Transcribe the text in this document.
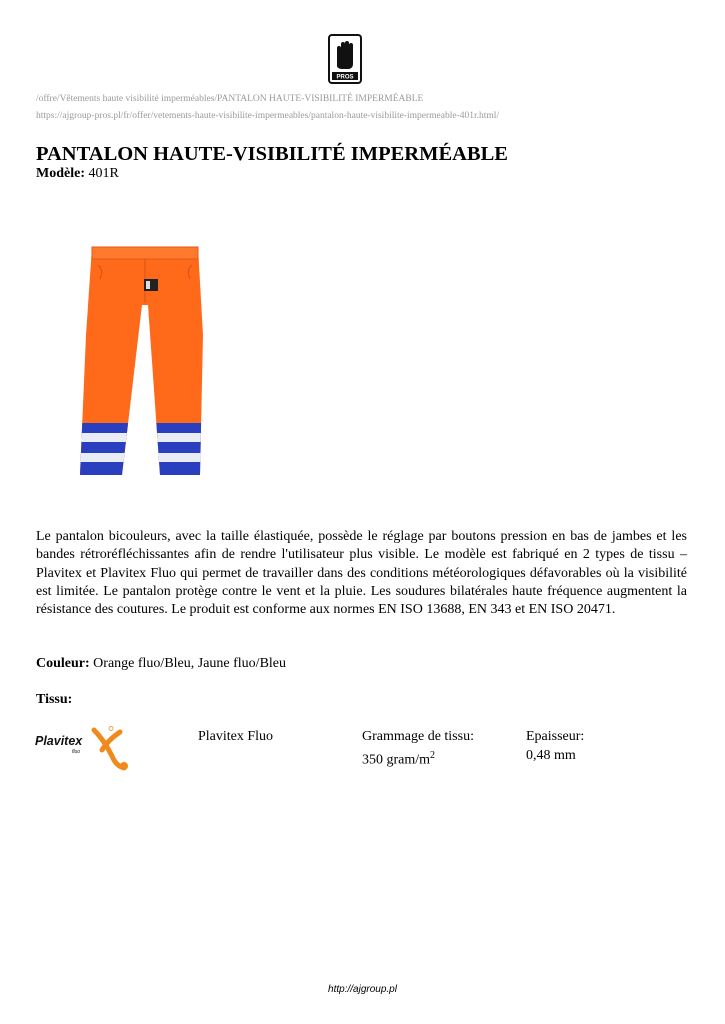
PROS
/offre/Vêtements haute visibilité imperméables/PANTALON HAUTE-VISIBILITÉ IMPERMÉABLE
https://ajgroup-pros.pl/fr/offer/vetements-haute-visibilite-impermeables/pantalon-haute-visibilite-impermeable-401r.html/
PANTALON HAUTE-VISIBILITÉ IMPERMÉABLE
Modèle: 401R

Le pantalon bicouleurs, avec la taille élastiquée, possède le réglage par boutons pression en bas de jambes et les bandes rétroréfléchissantes afin de rendre l'utilisateur plus visible. Le modèle est fabriqué en 2 types de tissu – Plavitex et Plavitex Fluo qui permet de travailler dans des conditions météorologiques défavorables où la visibilité est limitée. Le pantalon protège contre le vent et la pluie. Les soudures bilatérales haute fréquence augmentent la résistance des coutures. Le produit est conforme aux normes EN ISO 13688, EN 343 et EN ISO 20471.

Couleur: Orange fluo/Bleu, Jaune fluo/Bleu
Tissu:
Plavitex
fluo
Plavitex Fluo	Grammage de tissu:
350 gram/$m^2$
Epaisseur:
0,48 mm
http://ajgroup.pl
